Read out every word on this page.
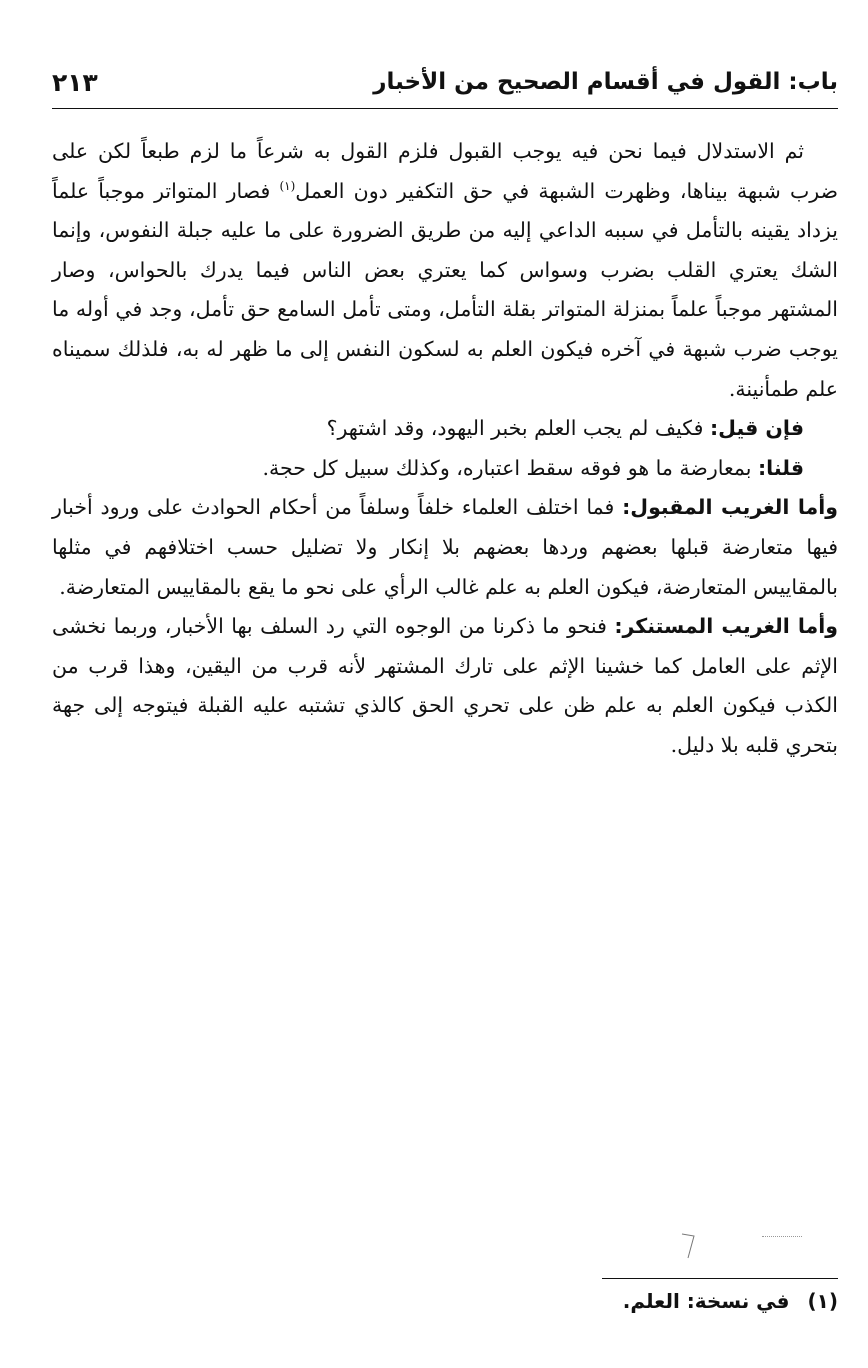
باب: القول في أقسام الصحيح من الأخبار
٢١٣

ثم الاستدلال فيما نحن فيه يوجب القبول فلزم القول به شرعاً ما لزم طبعاً لكن على ضرب شبهة بيناها، وظهرت الشبهة في حق التكفير دون العمل$^{(١)}$ فصار المتواتر موجباً علماً يزداد يقينه بالتأمل في سببه الداعي إليه من طريق الضرورة على ما عليه جبلة النفوس، وإنما الشك يعتري القلب بضرب وسواس كما يعتري بعض الناس فيما يدرك بالحواس، وصار المشتهر موجباً علماً بمنزلة المتواتر بقلة التأمل، ومتى تأمل السامع حق تأمل، وجد في أوله ما يوجب ضرب شبهة في آخره فيكون العلم به لسكون النفس إلى ما ظهر له به، فلذلك سميناه علم طمأنينة.

فإن قيل: فكيف لم يجب العلم بخبر اليهود، وقد اشتهر؟

قلنا: بمعارضة ما هو فوقه سقط اعتباره، وكذلك سبيل كل حجة.

وأما الغريب المقبول: فما اختلف العلماء خلفاً وسلفاً من أحكام الحوادث على ورود أخبار فيها متعارضة قبلها بعضهم وردها بعضهم بلا إنكار ولا تضليل حسب اختلافهم في مثلها بالمقاييس المتعارضة، فيكون العلم به علم غالب الرأي على نحو ما يقع بالمقاييس المتعارضة.

وأما الغريب المستنكر: فنحو ما ذكرنا من الوجوه التي رد السلف بها الأخبار، وربما نخشى الإثم على العامل كما خشينا الإثم على تارك المشتهر لأنه قرب من اليقين، وهذا قرب من الكذب فيكون العلم به علم ظن على تحري الحق كالذي تشتبه عليه القبلة فيتوجه إلى جهة بتحري قلبه بلا دليل.

(١)في نسخة: العلم.
